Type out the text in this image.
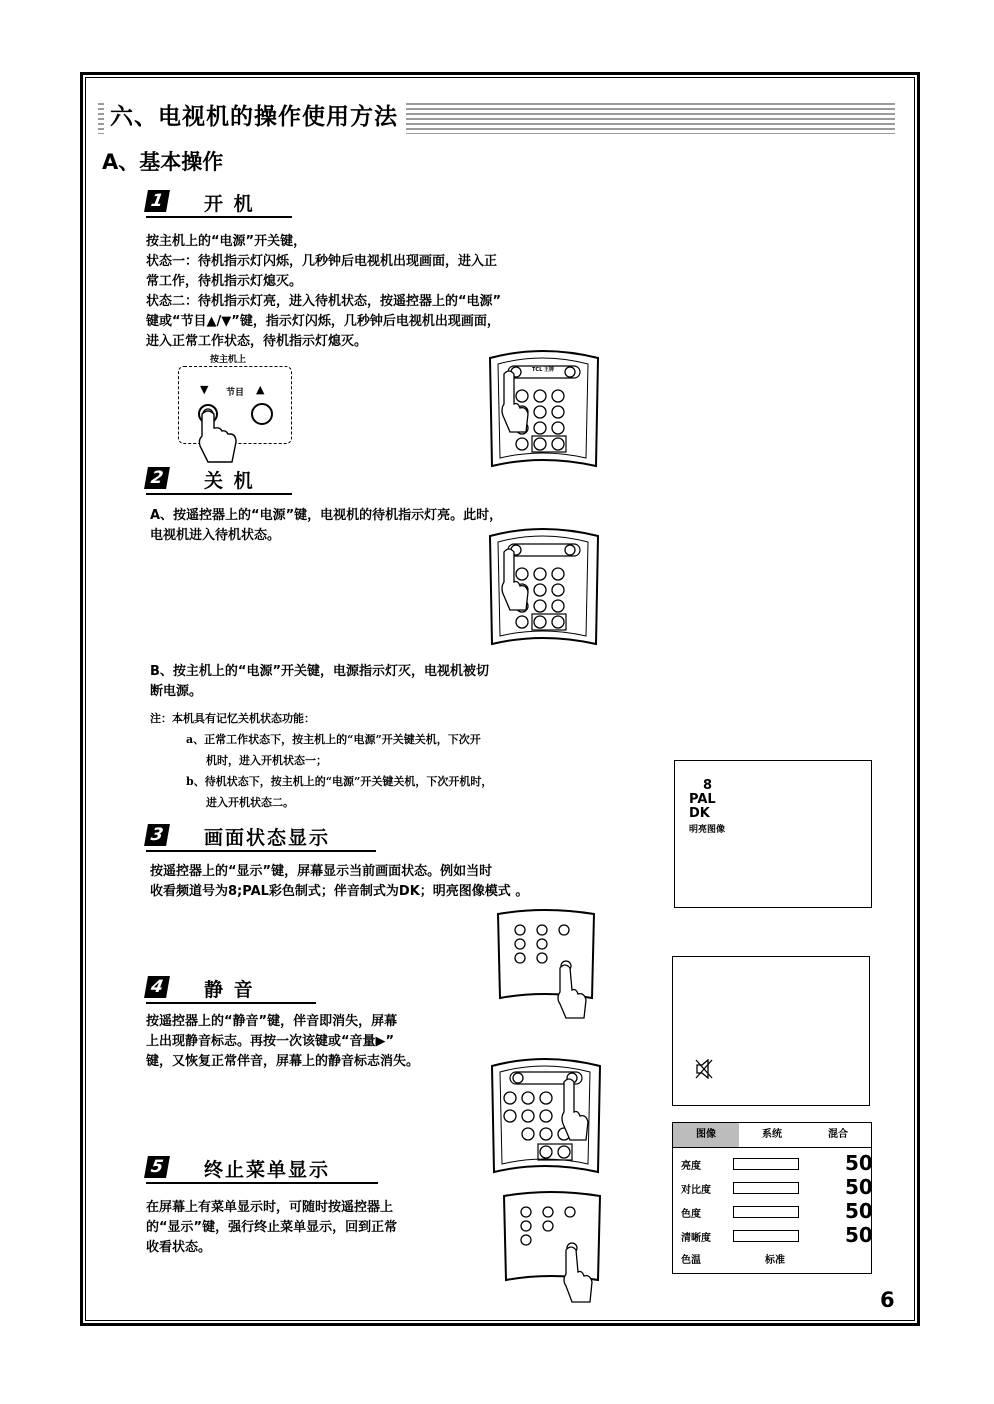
六、电视机的操作使用方法
A、基本操作
1 开 机
按主机上的“电源”开关键，
状态一：待机指示灯闪烁，几秒钟后电视机出现画面，进入正
常工作，待机指示灯熄灭。
状态二：待机指示灯亮，进入待机状态，按遥控器上的“电源”
键或“节目▲/▼”键，指示灯闪烁，几秒钟后电视机出现画面，
进入正常工作状态，待机指示灯熄灭。
按主机上
▼ 节目 ▲
TCL 王牌
2 关 机
A、按遥控器上的“电源”键，电视机的待机指示灯亮。此时，
电视机进入待机状态。
B、按主机上的“电源”开关键，电源指示灯灭，电视机被切
断电源。
注：本机具有记忆关机状态功能：
a、正常工作状态下，按主机上的“电源”开关键关机，下次开
机时，进入开机状态一；
b、待机状态下，按主机上的“电源”开关键关机，下次开机时，
进入开机状态二。
8
PAL
DK
明亮图像
3 画面状态显示
按遥控器上的“显示”键，屏幕显示当前画面状态。例如当时
收看频道号为8;PAL彩色制式；伴音制式为DK；明亮图像模式 。
4 静 音
按遥控器上的“静音”键，伴音即消失，屏幕
上出现静音标志。再按一次该键或“音量▶”
键，又恢复正常伴音，屏幕上的静音标志消失。
图像	系统	混合
亮度	50
对比度	50
色度	50
清晰度	50
色温	标准
5 终止菜单显示
在屏幕上有菜单显示时，可随时按遥控器上
的“显示”键，强行终止菜单显示，回到正常
收看状态。
6
